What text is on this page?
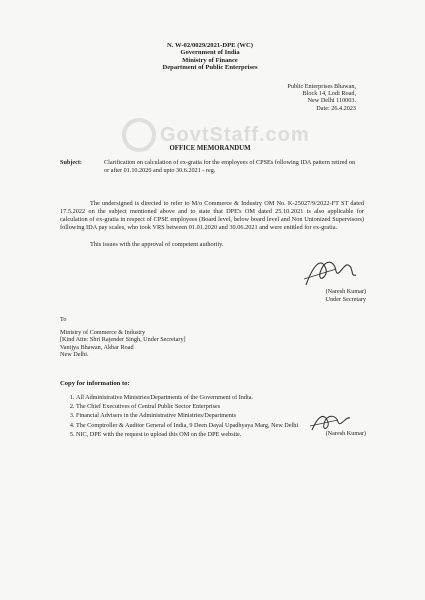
N. W-02/0029/2021-DPE (WC)
Government of India
Ministry of Finance
Department of Public Enterprises
Public Enterprises Bhawan,
Block 14, Lodi Road,
New Delhi 110003.
Date: 26.4.2023
GovtStaff.com
OFFICE MEMORANDUM
Subject:	Clarification on calculation of ex-gratia for the employees of CPSEs following IDA pattern retired on or after 01.10.2020 and upto 30.6.2021 - reg.
The undersigned is directed to refer to M/o Commerce & Industry OM No. K-25027/9/2022-FT ST dated 17.5.2022 on the subject mentioned above and to state that DPE's OM dated 25.10.2021 is also applicable for calculation of ex-gratia in respect of CPSE employees (Board level, below board level and Non Unionized Supervisors) following IDA pay scales, who took VRS between 01.01.2020 and 30.06.2021 and were entitled for ex-gratia.
This issues with the approval of competent authority.
(Naresh Kumar)
Under Secretary
To
Ministry of Commerce & Industry
[Kind Attn: Shri Rajender Singh, Under Secretary]
Vanijya Bhawan, Akbar Road
New Delhi.
Copy for information to:
1. All Administrative Ministries/Departments of the Government of India.
2. The Chief Executives of Central Public Sector Enterprises
3. Financial Advisers in the Administrative Ministries/Departments
4. The Comptroller & Auditor General of India, 9 Deen Dayal Upadhyaya Marg, New Delhi
5. NIC, DPE with the request to upload this OM on the DPE website.	(Naresh Kumar)
